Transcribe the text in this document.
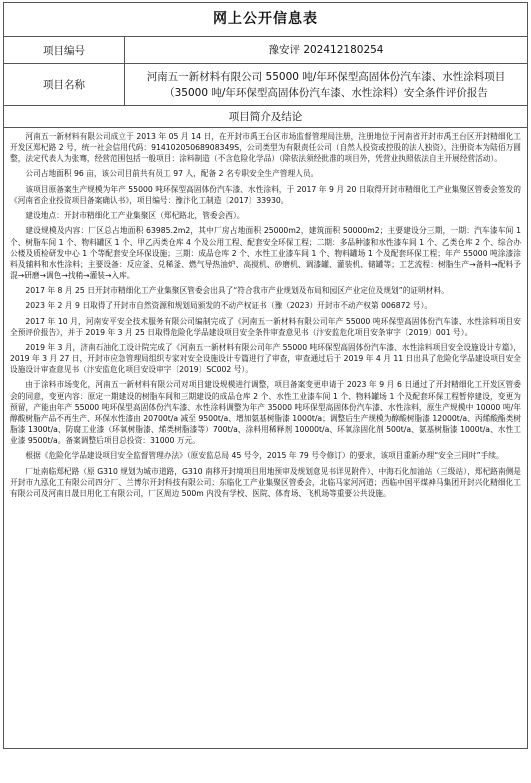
网上公开信息表
项目编号	豫安评 202412180254
项目名称	河南五一新材料有限公司 55000 吨/年环保型高固体份汽车漆、水性涂料项目
（35000 吨/年环保型高固体份汽车漆、水性涂料）安全条件评价报告
项目简介及结论

河南五一新材料有限公司成立于 2013 年 05 月 14 日，在开封市禹王台区市场监督管理局注册，注册地位于河南省开封市禹王台区开封精细化工开发区郑杞路 2 号，统一社会信用代码：91410205068908349S，公司类型为有限责任公司（自然人投资或控股的法人独资），注册资本为陆佰万圆整，法定代表人为张骞，经营范围包括一般项目：涂料制造（不含危险化学品）（除依法须经批准的项目外，凭营业执照依法自主开展经营活动）。

公司占地面积 96 亩，该公司目前共有员工 97 人，配备 2 名专职安全生产管理人员。

该项目原备案生产规模为年产 55000 吨环保型高固体份汽车漆、水性涂料，于 2017 年 9 月 20 日取得开封市精细化工产业集聚区管委会签发的《河南省企业投资项目备案确认书》，项目编号：豫汴化工制造〔2017〕33930。

建设地点：开封市精细化工产业集聚区（郑杞路北，管委会西）。

建设规模及内容：厂区总占地面积 63985.2m2，其中厂房占地面积 25000m2，建筑面积 50000m2；主要建设分三期，一期：汽车漆车间 1 个、树脂车间 1 个、物料罐区 1 个、甲乙丙类仓库 4 个及公用工程、配套安全环保工程；二期：多品种漆和水性漆车间 1 个、乙类仓库 2 个、综合办公楼及质检研发中心 1 个等配套安全环保设施；三期：成品仓库 2 个、水性工业漆车间 1 个、物料罐场 1 个及配套环保工程；年产 55000 吨涂漆涂料及辅料和水性涂料；主要设备：反应釜、兑稀釜、燃气导热油炉、高搅机、砂磨机、调漆罐、灌装机、储罐等；工艺流程：树脂生产→备料→配料予混→研磨→调色→找稍→灌装→入库。

2017 年 8 月 25 日开封市精细化工产业集聚区管委会出具了“符合我市产业规划及布局和园区产业定位及规划”的证明材料。

2023 年 2 月 9 日取得了开封市自然资源和规划局颁发的不动产权证书（豫（2023）开封市不动产权第 006872 号）。

2017 年 10 月，河南安平安全技术服务有限公司编制完成了《河南五一新材料有限公司年产 55000 吨环保型高固体份汽车漆、水性涂料项目安全预评价报告》，并于 2019 年 3 月 25 日取得危险化学品建设项目安全条件审查意见书（汴安监危化项目安条审字〔2019〕001 号）。

2019 年 3 月，济南石油化工设计院完成了《河南五一新材料有限公司年产 55000 吨环保型高固体份汽车漆、水性涂料项目安全设施设计专篇》，2019 年 3 月 27 日，开封市应急管理局组织专家对安全设施设计专篇进行了审查，审查通过后于 2019 年 4 月 11 日出具了危险化学品建设项目安全设施设计审查意见书（汴安监危化项目安设审字〔2019〕SC002 号）。

由于涂料市场变化，河南五一新材料有限公司对项目建设规模进行调整，项目备案变更申请于 2023 年 9 月 6 日通过了开封精细化工开发区管委会的同意，变更内容：原定一期建设的树脂车间和三期建设的成品仓库 2 个、水性工业漆车间 1 个、物料罐场 1 个及配套环保工程暂停建设，变更为预留，产能由年产 55000 吨环保型高固体份汽车漆、水性涂料调整为年产 35000 吨环保型高固体份汽车漆、水性涂料，原生产规模中 10000 吨/年醇酸树脂产品不再生产、环保水性漆由 20700t/a 减至 9500t/a、增加氨基树脂漆 1000t/a；调整后生产规模为醇酸树脂漆 12000t/a、丙烯酸酯类树脂漆 1300t/a、防腐工业漆（环氧树脂漆、烯类树脂漆等）700t/a、涂料用稀释剂 10000t/a、环氧涂固化剂 500t/a、氨基树脂漆 1000t/a、水性工业漆 9500t/a。备案调整后项目总投资：31000 万元。

根据《危险化学品建设项目安全监督管理办法》（原安监总局 45 号令，2015 年 79 号令修订）的要求，该项目重新办理“安全三同时”手续。

厂址南临郑杞路（原 G310 规划为城市道路，G310 南移开封境项目用地预审及规划意见书详见附件）、中海石化加油站（三级站），郑杞路南侧是开封市九泓化工有限公司四分厂、兰博尔开封科技有限公司；东临化工产业集聚区管委会，北临马家河河道；西临中国平煤神马集团开封兴化精细化工有限公司及河南日晟日用化工有限公司，厂区周边 500m 内没有学校、医院、体育场、飞机场等重要公共设施。
